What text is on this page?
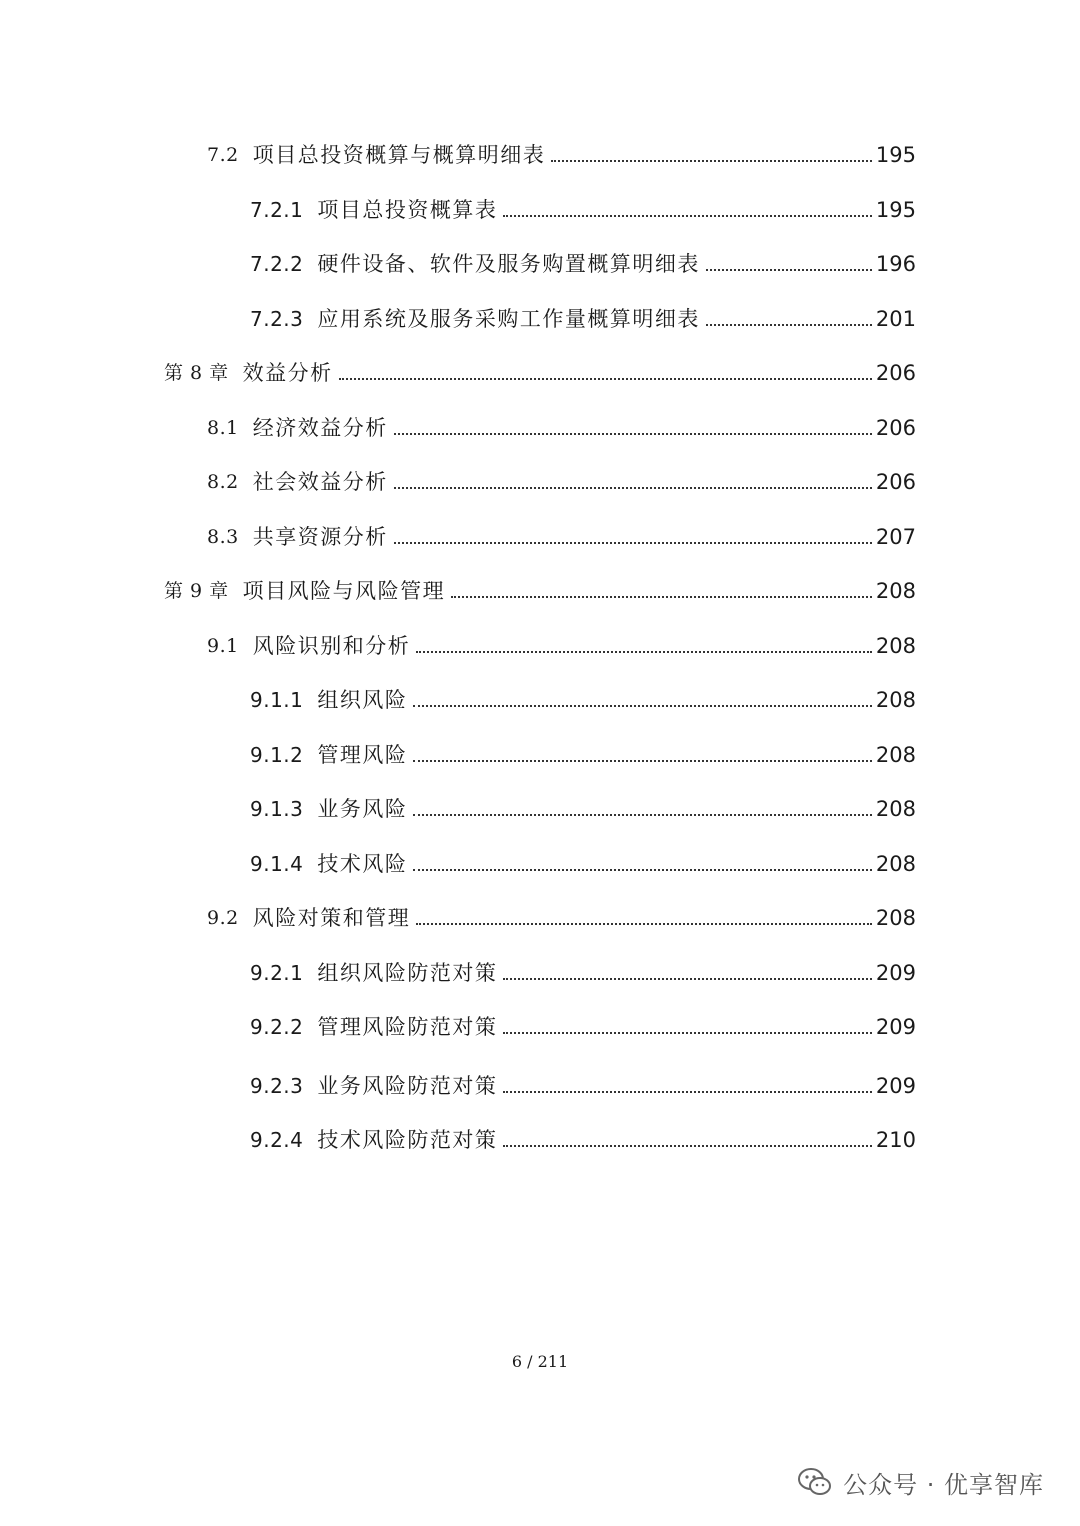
7.2 项目总投资概算与概算明细表	195
7.2.1 项目总投资概算表	195
7.2.2 硬件设备、软件及服务购置概算明细表	196
7.2.3 应用系统及服务采购工作量概算明细表	201
第 8 章 效益分析	206
8.1 经济效益分析	206
8.2 社会效益分析	206
8.3 共享资源分析	207
第 9 章 项目风险与风险管理	208
9.1 风险识别和分析	208
9.1.1 组织风险	208
9.1.2 管理风险	208
9.1.3 业务风险	208
9.1.4 技术风险	208
9.2 风险对策和管理	208
9.2.1 组织风险防范对策	209
9.2.2 管理风险防范对策	209
9.2.3 业务风险防范对策	209
9.2.4 技术风险防范对策	210
6 / 211
公众号 · 优享智库
